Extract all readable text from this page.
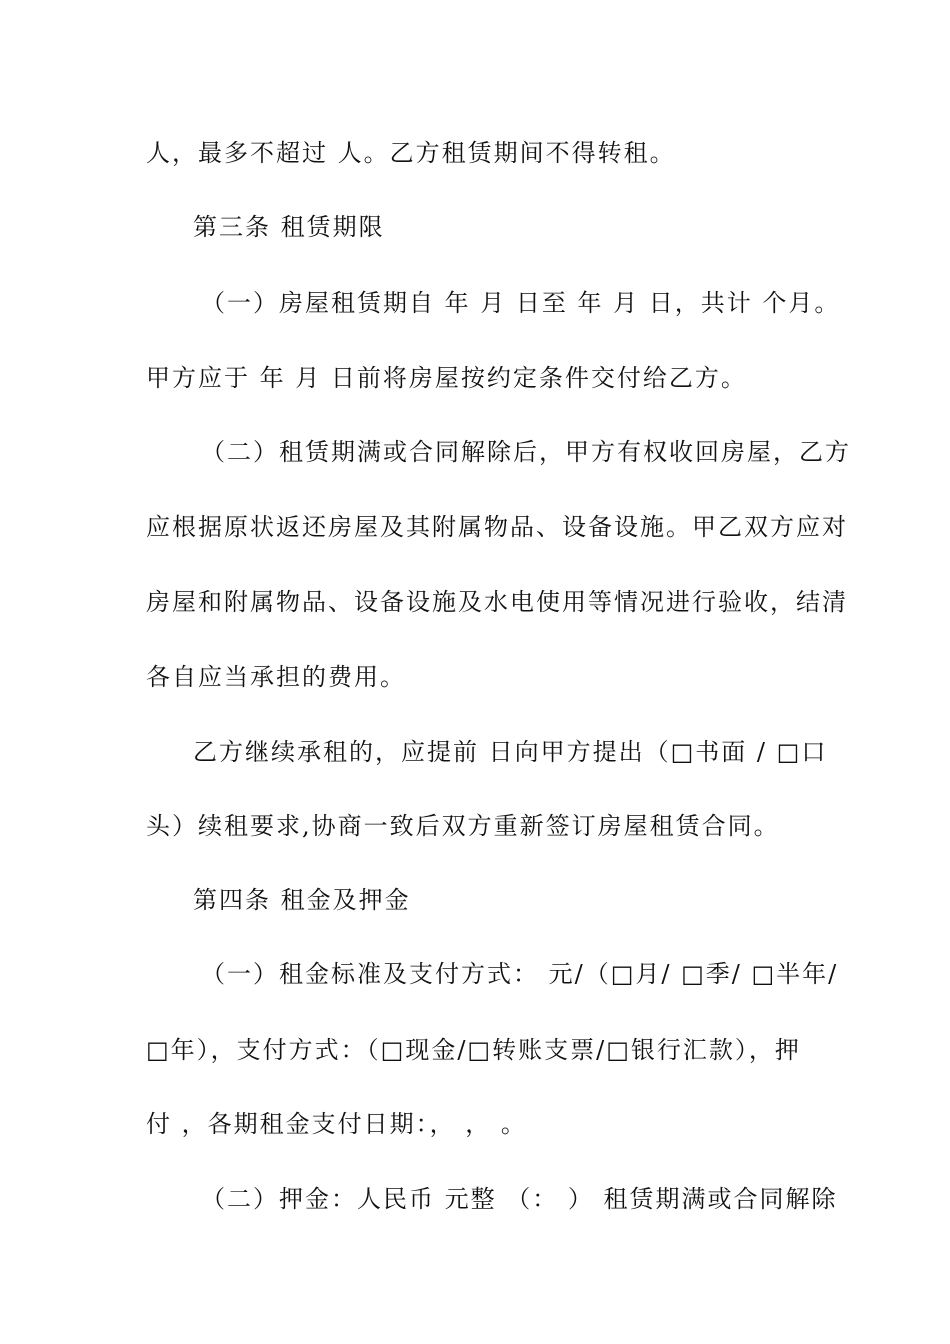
人，最多不超过 人。乙方租赁期间不得转租。
第三条 租赁期限
（一）房屋租赁期自 年 月 日至 年 月 日，共计 个月。
甲方应于 年 月 日前将房屋按约定条件交付给乙方。
（二）租赁期满或合同解除后，甲方有权收回房屋，乙方
应根据原状返还房屋及其附属物品、设备设施。甲乙双方应对
房屋和附属物品、设备设施及水电使用等情况进行验收，结清
各自应当承担的费用。
乙方继续承租的，应提前 日向甲方提出（□书面 / □口
头）续租要求,协商一致后双方重新签订房屋租赁合同。
第四条 租金及押金
（一）租金标准及支付方式： 元/（□月/ □季/ □半年/
□年），支付方式：（□现金/□转账支票/□银行汇款），押
付 ，各期租金支付日期：， ， 。
（二）押金：人民币 元整 （： ） 租赁期满或合同解除
